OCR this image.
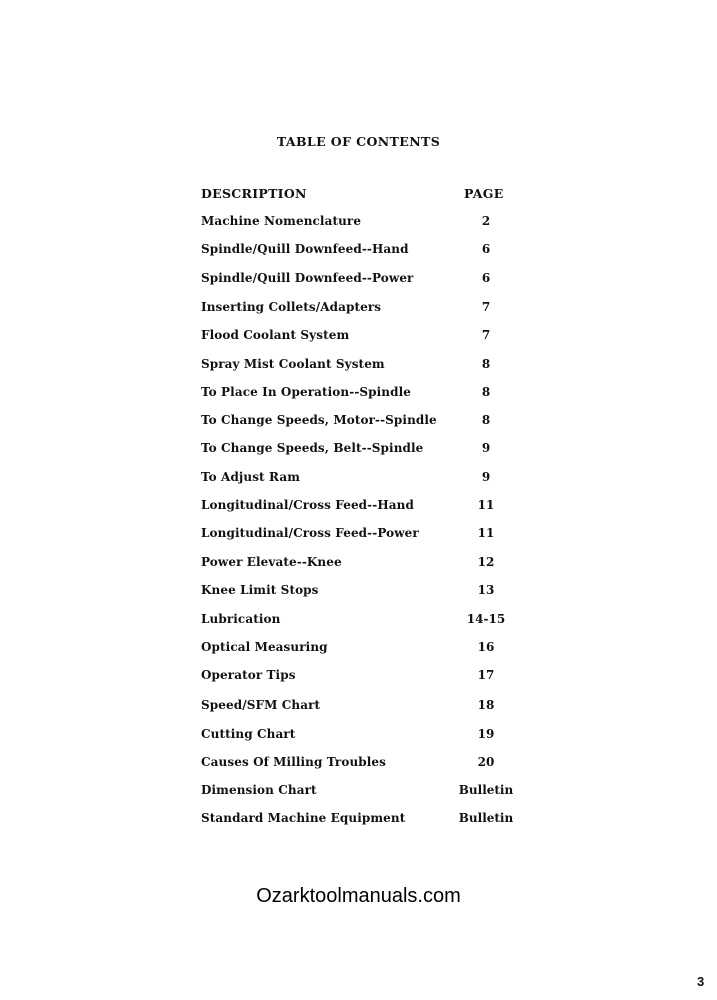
TABLE OF CONTENTS
DESCRIPTION	PAGE
Machine Nomenclature	2
Spindle/Quill Downfeed--Hand	6
Spindle/Quill Downfeed--Power	6
Inserting Collets/Adapters	7
Flood Coolant System	7
Spray Mist Coolant System	8
To Place In Operation--Spindle	8
To Change Speeds, Motor--Spindle	8
To Change Speeds, Belt--Spindle	9
To Adjust Ram	9
Longitudinal/Cross Feed--Hand	11
Longitudinal/Cross Feed--Power	11
Power Elevate--Knee	12
Knee Limit Stops	13
Lubrication	14-15
Optical Measuring	16
Operator Tips	17
Speed/SFM Chart	18
Cutting Chart	19
Causes Of Milling Troubles	20
Dimension Chart	Bulletin
Standard Machine Equipment	Bulletin
Ozarktoolmanuals.com
3
